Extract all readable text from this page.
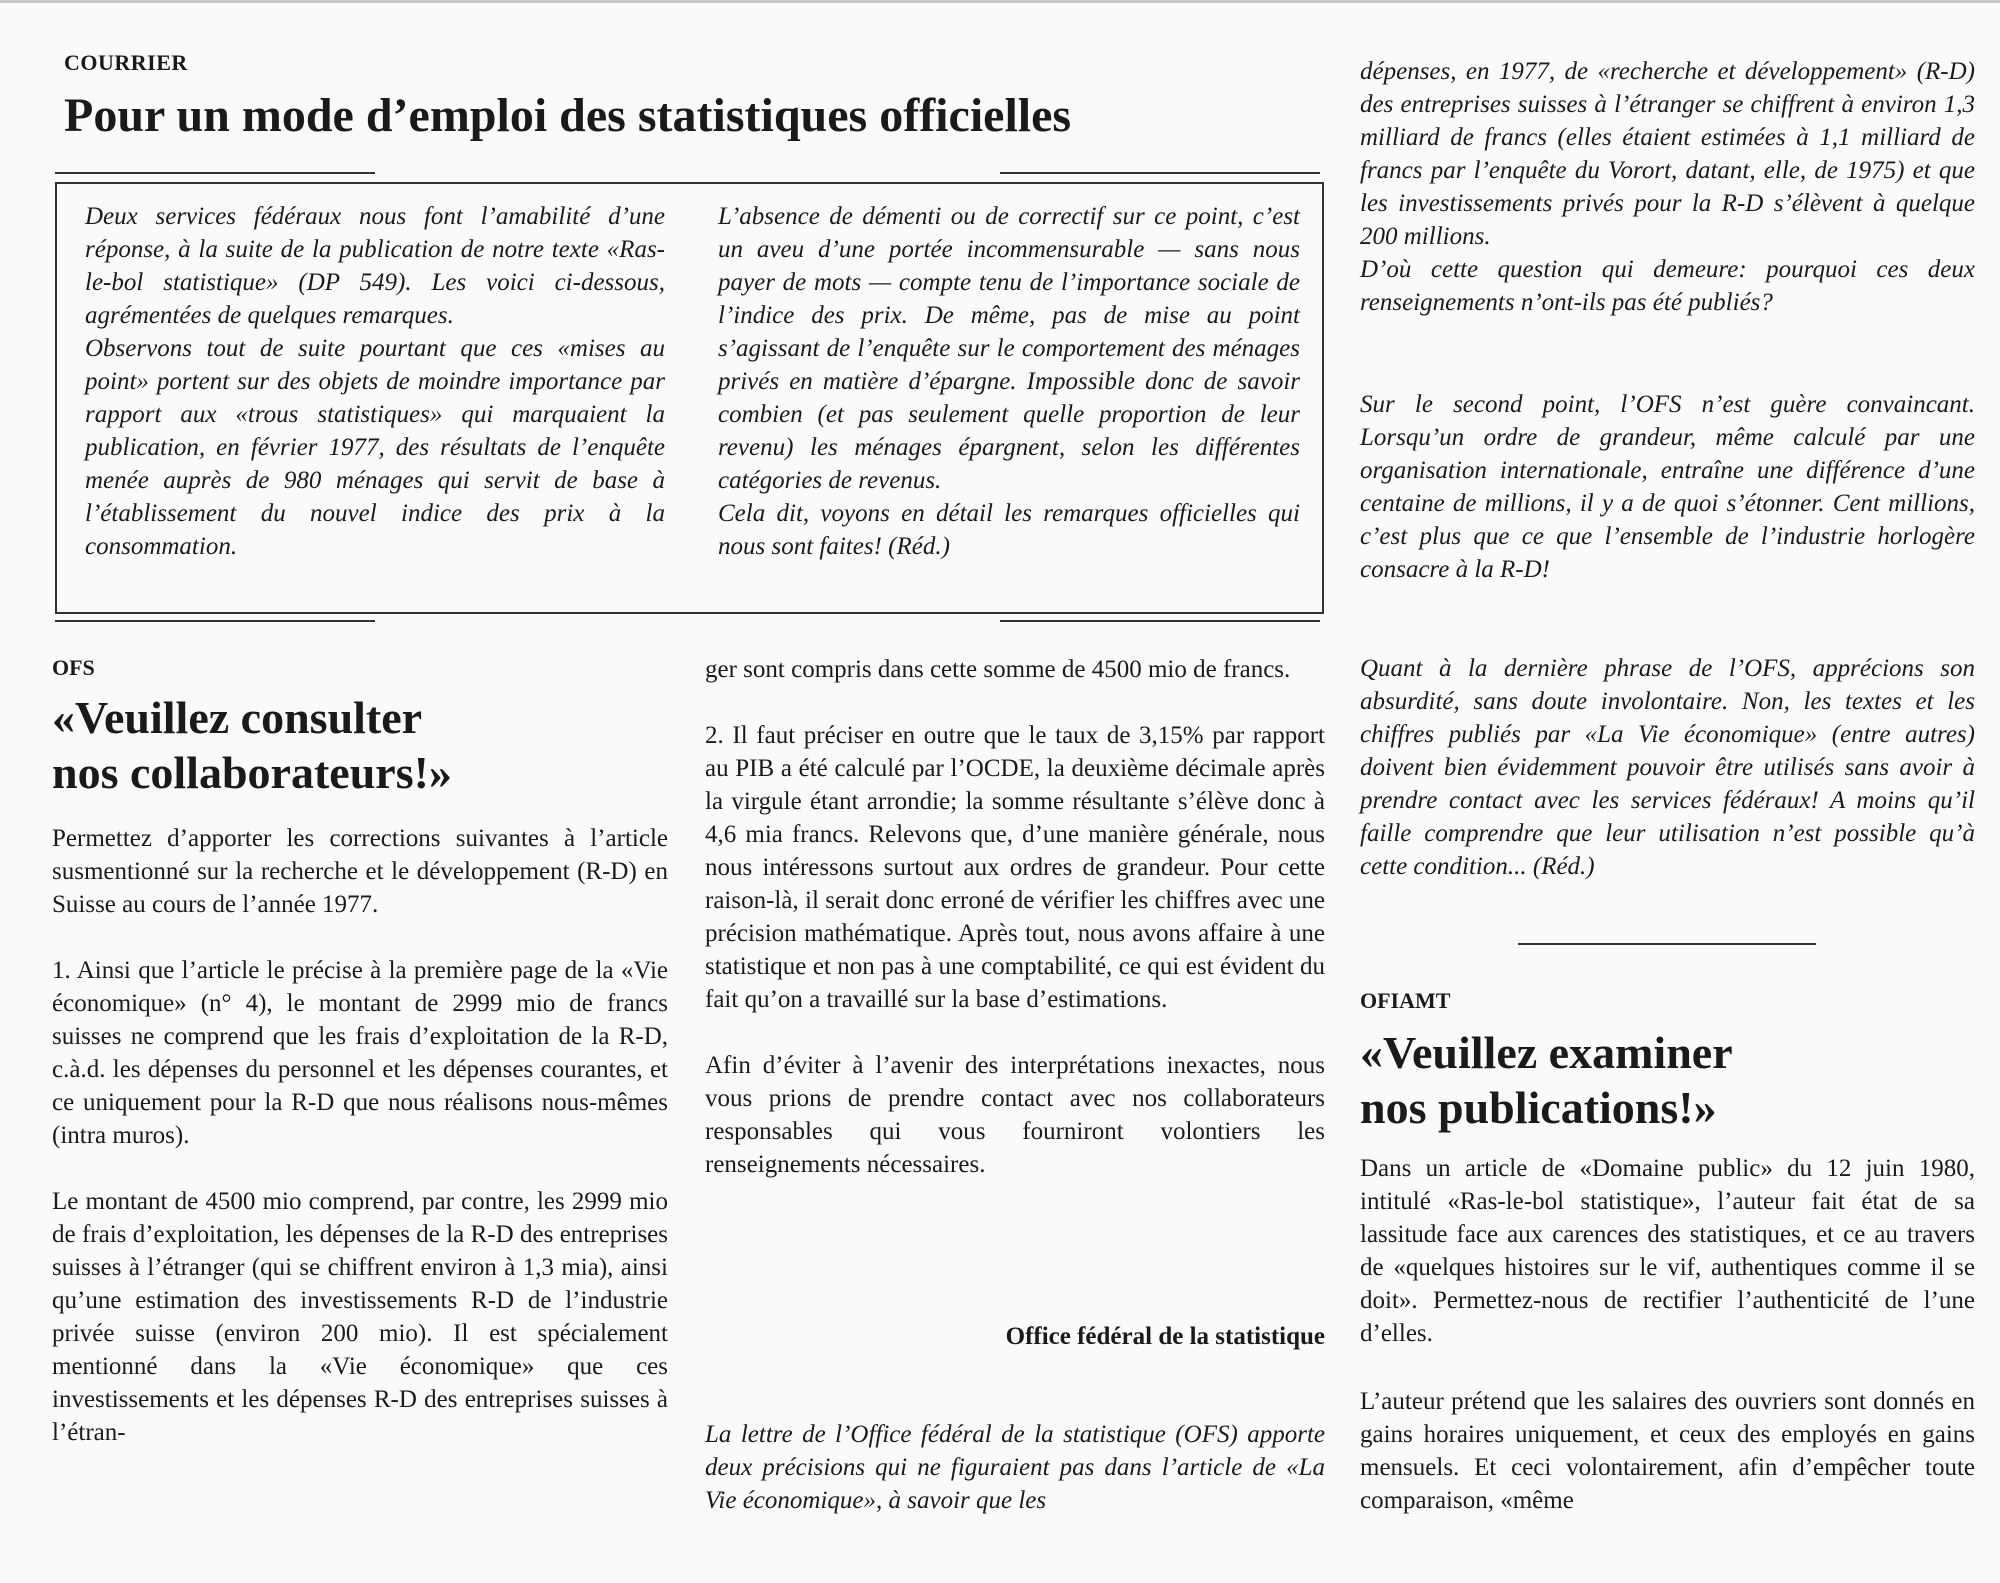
COURRIER
Pour un mode d’emploi des statistiques officielles

Deux services fédéraux nous font l’amabilité d’une réponse, à la suite de la publication de notre texte «Ras-le-bol statistique» (DP 549). Les voici ci-dessous, agrémentées de quelques remarques.

Observons tout de suite pourtant que ces «mises au point» portent sur des objets de moindre importance par rapport aux «trous statistiques» qui marquaient la publication, en février 1977, des résultats de l’enquête menée auprès de 980 ménages qui servit de base à l’établissement du nouvel indice des prix à la consommation.

L’absence de démenti ou de correctif sur ce point, c’est un aveu d’une portée incommensurable — sans nous payer de mots — compte tenu de l’importance sociale de l’indice des prix. De même, pas de mise au point s’agissant de l’enquête sur le comportement des ménages privés en matière d’épargne. Impossible donc de savoir combien (et pas seulement quelle proportion de leur revenu) les ménages épargnent, selon les différentes catégories de revenus.

Cela dit, voyons en détail les remarques officielles qui nous sont faites! (Réd.)

OFS
«Veuillez consulter
nos collaborateurs!»

Permettez d’apporter les corrections suivantes à l’article susmentionné sur la recherche et le développement (R-D) en Suisse au cours de l’année 1977.

1. Ainsi que l’article le précise à la première page de la «Vie économique» (n° 4), le montant de 2999 mio de francs suisses ne comprend que les frais d’exploitation de la R-D, c.à.d. les dépenses du personnel et les dépenses courantes, et ce uniquement pour la R-D que nous réalisons nous-mêmes (intra muros).

Le montant de 4500 mio comprend, par contre, les 2999 mio de frais d’exploitation, les dépenses de la R-D des entreprises suisses à l’étranger (qui se chiffrent environ à 1,3 mia), ainsi qu’une estimation des investissements R-D de l’industrie privée suisse (environ 200 mio). Il est spécialement mentionné dans la «Vie économique» que ces investissements et les dépenses R-D des entreprises suisses à l’étran-

ger sont compris dans cette somme de 4500 mio de francs.

2. Il faut préciser en outre que le taux de 3,15% par rapport au PIB a été calculé par l’OCDE, la deuxième décimale après la virgule étant arrondie; la somme résultante s’élève donc à 4,6 mia francs. Relevons que, d’une manière générale, nous nous intéressons surtout aux ordres de grandeur. Pour cette raison-là, il serait donc erroné de vérifier les chiffres avec une précision mathématique. Après tout, nous avons affaire à une statistique et non pas à une comptabilité, ce qui est évident du fait qu’on a travaillé sur la base d’estimations.

Afin d’éviter à l’avenir des interprétations inexactes, nous vous prions de prendre contact avec nos collaborateurs responsables qui vous fourniront volontiers les renseignements nécessaires.

Office fédéral de la statistique
La lettre de l’Office fédéral de la statistique (OFS) apporte deux précisions qui ne figuraient pas dans l’article de «La Vie économique», à savoir que les
dépenses, en 1977, de «recherche et développement» (R-D) des entreprises suisses à l’étranger se chiffrent à environ 1,3 milliard de francs (elles étaient estimées à 1,1 milliard de francs par l’enquête du Vorort, datant, elle, de 1975) et que les investissements privés pour la R-D s’élèvent à quelque 200 millions.
D’où cette question qui demeure: pourquoi ces deux renseignements n’ont-ils pas été publiés?
Sur le second point, l’OFS n’est guère convaincant. Lorsqu’un ordre de grandeur, même calculé par une organisation internationale, entraîne une différence d’une centaine de millions, il y a de quoi s’étonner. Cent millions, c’est plus que ce que l’ensemble de l’industrie horlogère consacre à la R-D!
Quant à la dernière phrase de l’OFS, apprécions son absurdité, sans doute involontaire. Non, les textes et les chiffres publiés par «La Vie économique» (entre autres) doivent bien évidemment pouvoir être utilisés sans avoir à prendre contact avec les services fédéraux! A moins qu’il faille comprendre que leur utilisation n’est possible qu’à cette condition... (Réd.)
OFIAMT
«Veuillez examiner
nos publications!»
Dans un article de «Domaine public» du 12 juin 1980, intitulé «Ras-le-bol statistique», l’auteur fait état de sa lassitude face aux carences des statistiques, et ce au travers de «quelques histoires sur le vif, authentiques comme il se doit». Permettez-nous de rectifier l’authenticité de l’une d’elles.
L’auteur prétend que les salaires des ouvriers sont donnés en gains horaires uniquement, et ceux des employés en gains mensuels. Et ceci volontairement, afin d’empêcher toute comparaison, «même
